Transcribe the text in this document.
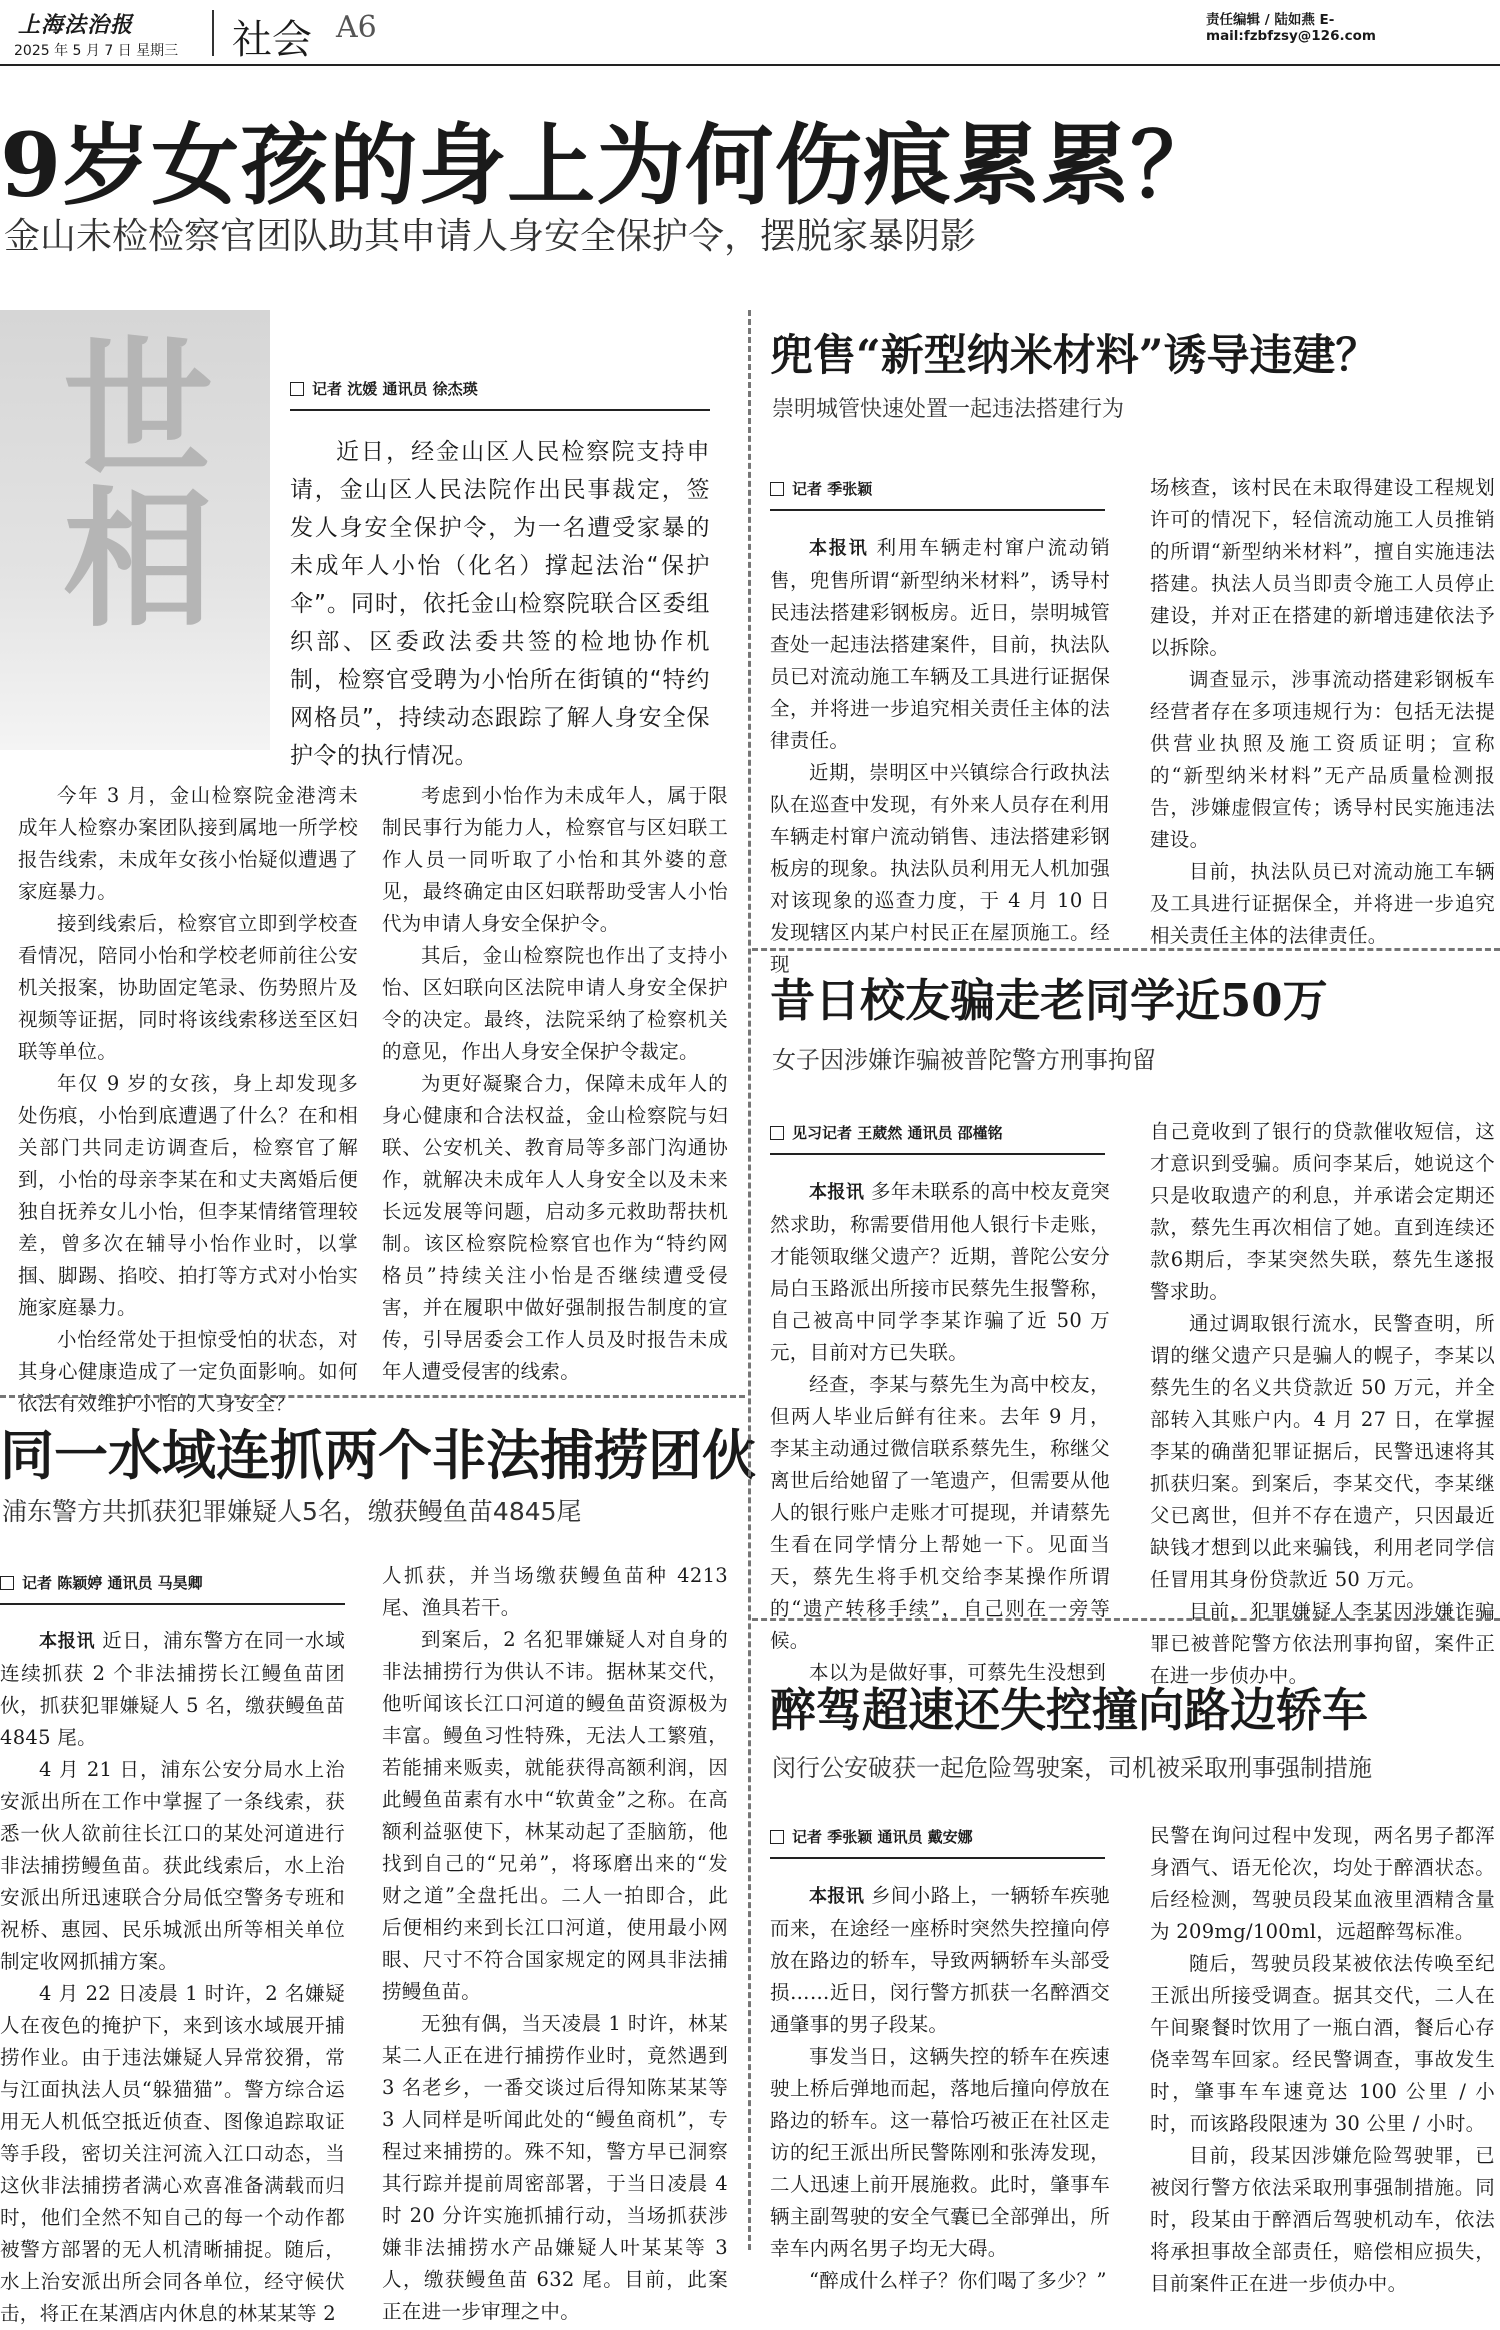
上海法治报
2025 年 5 月 7 日 星期三 社会 A6	责任编辑 / 陆如燕 E-mail:fzbfzsy@126.com
9岁女孩的身上为何伤痕累累？
金山未检检察官团队助其申请人身安全保护令，摆脱家暴阴影
世相	记者 沈媛 通讯员 徐杰瑛
近日，经金山区人民检察院支持申请，金山区人民法院作出民事裁定，签发人身安全保护令，为一名遭受家暴的未成年人小怡（化名）撑起法治“保护伞”。同时，依托金山检察院联合区委组织部、区委政法委共签的检地协作机制，检察官受聘为小怡所在街镇的“特约网格员”，持续动态跟踪了解人身安全保护令的执行情况。

今年 3 月，金山检察院金港湾未成年人检察办案团队接到属地一所学校报告线索，未成年女孩小怡疑似遭遇了家庭暴力。

接到线索后，检察官立即到学校查看情况，陪同小怡和学校老师前往公安机关报案，协助固定笔录、伤势照片及视频等证据，同时将该线索移送至区妇联等单位。

年仅 9 岁的女孩，身上却发现多处伤痕，小怡到底遭遇了什么？在和相关部门共同走访调查后，检察官了解到，小怡的母亲李某在和丈夫离婚后便独自抚养女儿小怡，但李某情绪管理较差，曾多次在辅导小怡作业时，以掌掴、脚踢、掐咬、拍打等方式对小怡实施家庭暴力。

小怡经常处于担惊受怕的状态，对其身心健康造成了一定负面影响。如何依法有效维护小怡的人身安全？

考虑到小怡作为未成年人，属于限制民事行为能力人，检察官与区妇联工作人员一同听取了小怡和其外婆的意见，最终确定由区妇联帮助受害人小怡代为申请人身安全保护令。

其后，金山检察院也作出了支持小怡、区妇联向区法院申请人身安全保护令的决定。最终，法院采纳了检察机关的意见，作出人身安全保护令裁定。

为更好凝聚合力，保障未成年人的身心健康和合法权益，金山检察院与妇联、公安机关、教育局等多部门沟通协作，就解决未成年人人身安全以及未来长远发展等问题，启动多元救助帮扶机制。该区检察院检察官也作为“特约网格员”持续关注小怡是否继续遭受侵害，并在履职中做好强制报告制度的宣传，引导居委会工作人员及时报告未成年人遭受侵害的线索。

同一水域连抓两个非法捕捞团伙
浦东警方共抓获犯罪嫌疑人5名，缴获鳗鱼苗4845尾
记者 陈颖婷 通讯员 马昊卿

本报讯 近日，浦东警方在同一水域连续抓获 2 个非法捕捞长江鳗鱼苗团伙，抓获犯罪嫌疑人 5 名，缴获鳗鱼苗 4845 尾。

4 月 21 日，浦东公安分局水上治安派出所在工作中掌握了一条线索，获悉一伙人欲前往长江口的某处河道进行非法捕捞鳗鱼苗。获此线索后，水上治安派出所迅速联合分局低空警务专班和祝桥、惠园、民乐城派出所等相关单位制定收网抓捕方案。

4 月 22 日凌晨 1 时许，2 名嫌疑人在夜色的掩护下，来到该水域展开捕捞作业。由于违法嫌疑人异常狡猾，常与江面执法人员“躲猫猫”。警方综合运用无人机低空抵近侦查、图像追踪取证等手段，密切关注河流入江口动态，当这伙非法捕捞者满心欢喜准备满载而归时，他们全然不知自己的每一个动作都被警方部署的无人机清晰捕捉。随后，水上治安派出所会同各单位，经守候伏击，将正在某酒店内休息的林某某等 2

人抓获，并当场缴获鳗鱼苗种 4213 尾、渔具若干。

到案后，2 名犯罪嫌疑人对自身的非法捕捞行为供认不讳。据林某交代，他听闻该长江口河道的鳗鱼苗资源极为丰富。鳗鱼习性特殊，无法人工繁殖，若能捕来贩卖，就能获得高额利润，因此鳗鱼苗素有水中“软黄金”之称。在高额利益驱使下，林某动起了歪脑筋，他找到自己的“兄弟”，将琢磨出来的“发财之道”全盘托出。二人一拍即合，此后便相约来到长江口河道，使用最小网眼、尺寸不符合国家规定的网具非法捕捞鳗鱼苗。

无独有偶，当天凌晨 1 时许，林某某二人正在进行捕捞作业时，竟然遇到 3 名老乡，一番交谈过后得知陈某某等 3 人同样是听闻此处的“鳗鱼商机”，专程过来捕捞的。殊不知，警方早已洞察其行踪并提前周密部署，于当日凌晨 4 时 20 分许实施抓捕行动，当场抓获涉嫌非法捕捞水产品嫌疑人叶某某等 3 人，缴获鳗鱼苗 632 尾。目前，此案正在进一步审理之中。

兜售“新型纳米材料”诱导违建？
崇明城管快速处置一起违法搭建行为
记者 季张颖

本报讯 利用车辆走村窜户流动销售，兜售所谓“新型纳米材料”，诱导村民违法搭建彩钢板房。近日，崇明城管查处一起违法搭建案件，目前，执法队员已对流动施工车辆及工具进行证据保全，并将进一步追究相关责任主体的法律责任。

近期，崇明区中兴镇综合行政执法队在巡查中发现，有外来人员存在利用车辆走村窜户流动销售、违法搭建彩钢板房的现象。执法队员利用无人机加强对该现象的巡查力度，于 4 月 10 日发现辖区内某户村民正在屋顶施工。经现

场核查，该村民在未取得建设工程规划许可的情况下，轻信流动施工人员推销的所谓“新型纳米材料”，擅自实施违法搭建。执法人员当即责令施工人员停止建设，并对正在搭建的新增违建依法予以拆除。

调查显示，涉事流动搭建彩钢板车经营者存在多项违规行为：包括无法提供营业执照及施工资质证明；宣称的“新型纳米材料”无产品质量检测报告，涉嫌虚假宣传；诱导村民实施违法建设。

目前，执法队员已对流动施工车辆及工具进行证据保全，并将进一步追究相关责任主体的法律责任。

昔日校友骗走老同学近50万
女子因涉嫌诈骗被普陀警方刑事拘留
见习记者 王葳然 通讯员 邵槿铭

本报讯 多年未联系的高中校友竟突然求助，称需要借用他人银行卡走账，才能领取继父遗产？近期，普陀公安分局白玉路派出所接市民蔡先生报警称，自己被高中同学李某诈骗了近 50 万元，目前对方已失联。

经查，李某与蔡先生为高中校友，但两人毕业后鲜有往来。去年 9 月，李某主动通过微信联系蔡先生，称继父离世后给她留了一笔遗产，但需要从他人的银行账户走账才可提现，并请蔡先生看在同学情分上帮她一下。见面当天，蔡先生将手机交给李某操作所谓的“遗产转移手续”，自己则在一旁等候。

本以为是做好事，可蔡先生没想到

自己竟收到了银行的贷款催收短信，这才意识到受骗。质问李某后，她说这个只是收取遗产的利息，并承诺会定期还款，蔡先生再次相信了她。直到连续还款6期后，李某突然失联，蔡先生遂报警求助。

通过调取银行流水，民警查明，所谓的继父遗产只是骗人的幌子，李某以蔡先生的名义共贷款近 50 万元，并全部转入其账户内。4 月 27 日，在掌握李某的确凿犯罪证据后，民警迅速将其抓获归案。到案后，李某交代，李某继父已离世，但并不存在遗产，只因最近缺钱才想到以此来骗钱，利用老同学信任冒用其身份贷款近 50 万元。

目前，犯罪嫌疑人李某因涉嫌诈骗罪已被普陀警方依法刑事拘留，案件正在进一步侦办中。

醉驾超速还失控撞向路边轿车
闵行公安破获一起危险驾驶案，司机被采取刑事强制措施
记者 季张颖 通讯员 戴安娜

本报讯 乡间小路上，一辆轿车疾驰而来，在途经一座桥时突然失控撞向停放在路边的轿车，导致两辆轿车头部受损……近日，闵行警方抓获一名醉酒交通肇事的男子段某。

事发当日，这辆失控的轿车在疾速驶上桥后弹地而起，落地后撞向停放在路边的轿车。这一幕恰巧被正在社区走访的纪王派出所民警陈刚和张涛发现，二人迅速上前开展施救。此时，肇事车辆主副驾驶的安全气囊已全部弹出，所幸车内两名男子均无大碍。

“醉成什么样子？你们喝了多少？”

民警在询问过程中发现，两名男子都浑身酒气、语无伦次，均处于醉酒状态。后经检测，驾驶员段某血液里酒精含量为 209mg/100ml，远超醉驾标准。

随后，驾驶员段某被依法传唤至纪王派出所接受调查。据其交代，二人在午间聚餐时饮用了一瓶白酒，餐后心存侥幸驾车回家。经民警调查，事故发生时，肇事车车速竟达 100 公里 / 小时，而该路段限速为 30 公里 / 小时。

目前，段某因涉嫌危险驾驶罪，已被闵行警方依法采取刑事强制措施。同时，段某由于醉酒后驾驶机动车，依法将承担事故全部责任，赔偿相应损失，目前案件正在进一步侦办中。
